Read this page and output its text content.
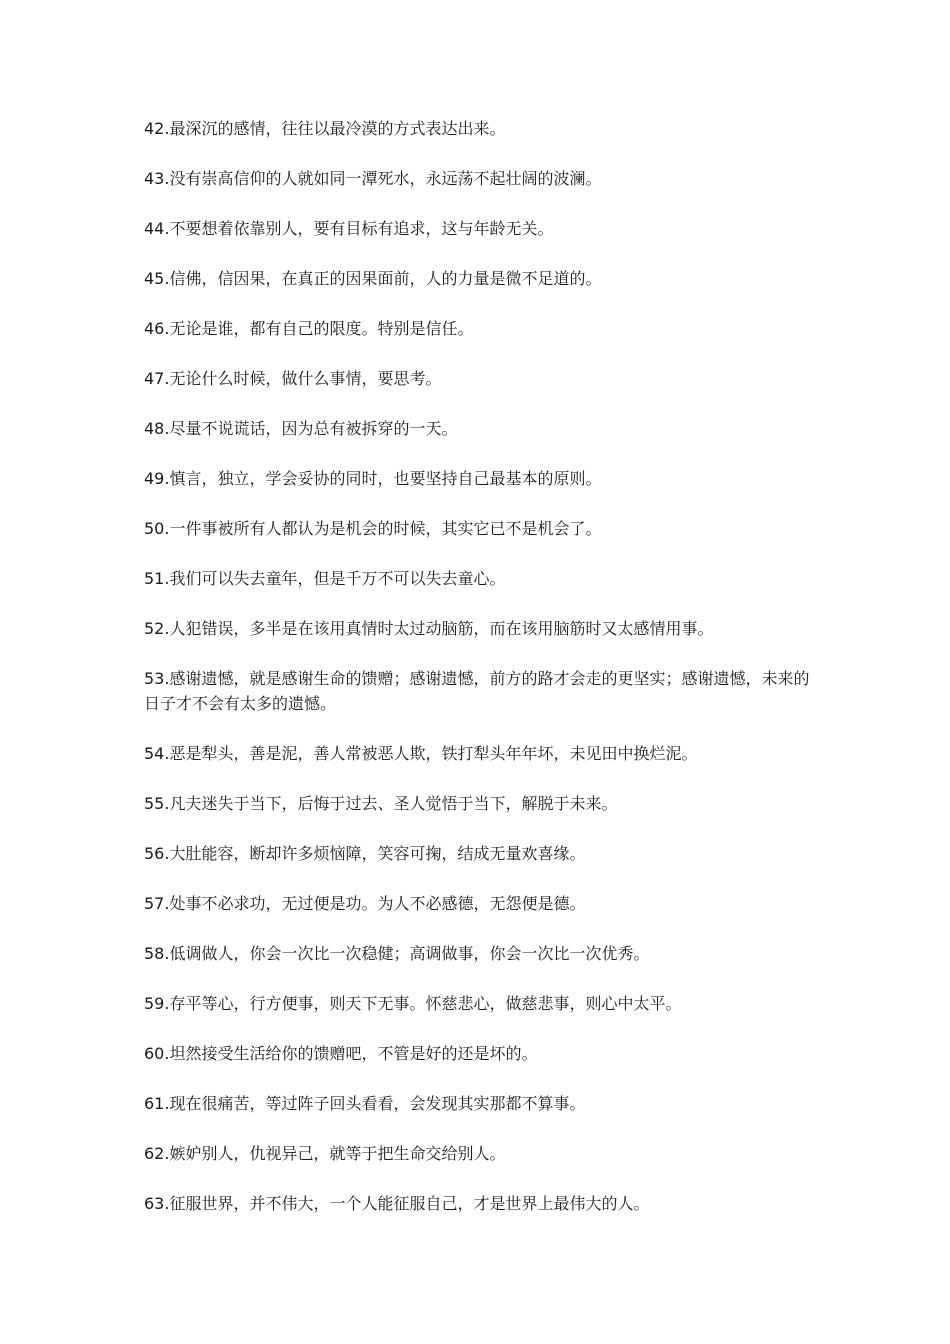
42.最深沉的感情，往往以最冷漠的方式表达出来。

43.没有崇高信仰的人就如同一潭死水，永远荡不起壮阔的波澜。

44.不要想着依靠别人，要有目标有追求，这与年龄无关。

45.信佛，信因果，在真正的因果面前，人的力量是微不足道的。

46.无论是谁，都有自己的限度。特别是信任。

47.无论什么时候，做什么事情，要思考。

48.尽量不说谎话，因为总有被拆穿的一天。

49.慎言，独立，学会妥协的同时，也要坚持自己最基本的原则。

50.一件事被所有人都认为是机会的时候，其实它已不是机会了。

51.我们可以失去童年，但是千万不可以失去童心。

52.人犯错误，多半是在该用真情时太过动脑筋，而在该用脑筋时又太感情用事。

53.感谢遗憾，就是感谢生命的馈赠；感谢遗憾，前方的路才会走的更坚实；感谢遗憾，未来的日子才不会有太多的遗憾。

54.恶是犁头，善是泥，善人常被恶人欺，铁打犁头年年坏，未见田中换烂泥。

55.凡夫迷失于当下，后悔于过去、圣人觉悟于当下，解脱于未来。

56.大肚能容，断却许多烦恼障，笑容可掬，结成无量欢喜缘。

57.处事不必求功，无过便是功。为人不必感德，无怨便是德。

58.低调做人，你会一次比一次稳健；高调做事，你会一次比一次优秀。

59.存平等心，行方便事，则天下无事。怀慈悲心，做慈悲事，则心中太平。

60.坦然接受生活给你的馈赠吧，不管是好的还是坏的。

61.现在很痛苦，等过阵子回头看看，会发现其实那都不算事。

62.嫉妒别人，仇视异己，就等于把生命交给别人。

63.征服世界，并不伟大，一个人能征服自己，才是世界上最伟大的人。
